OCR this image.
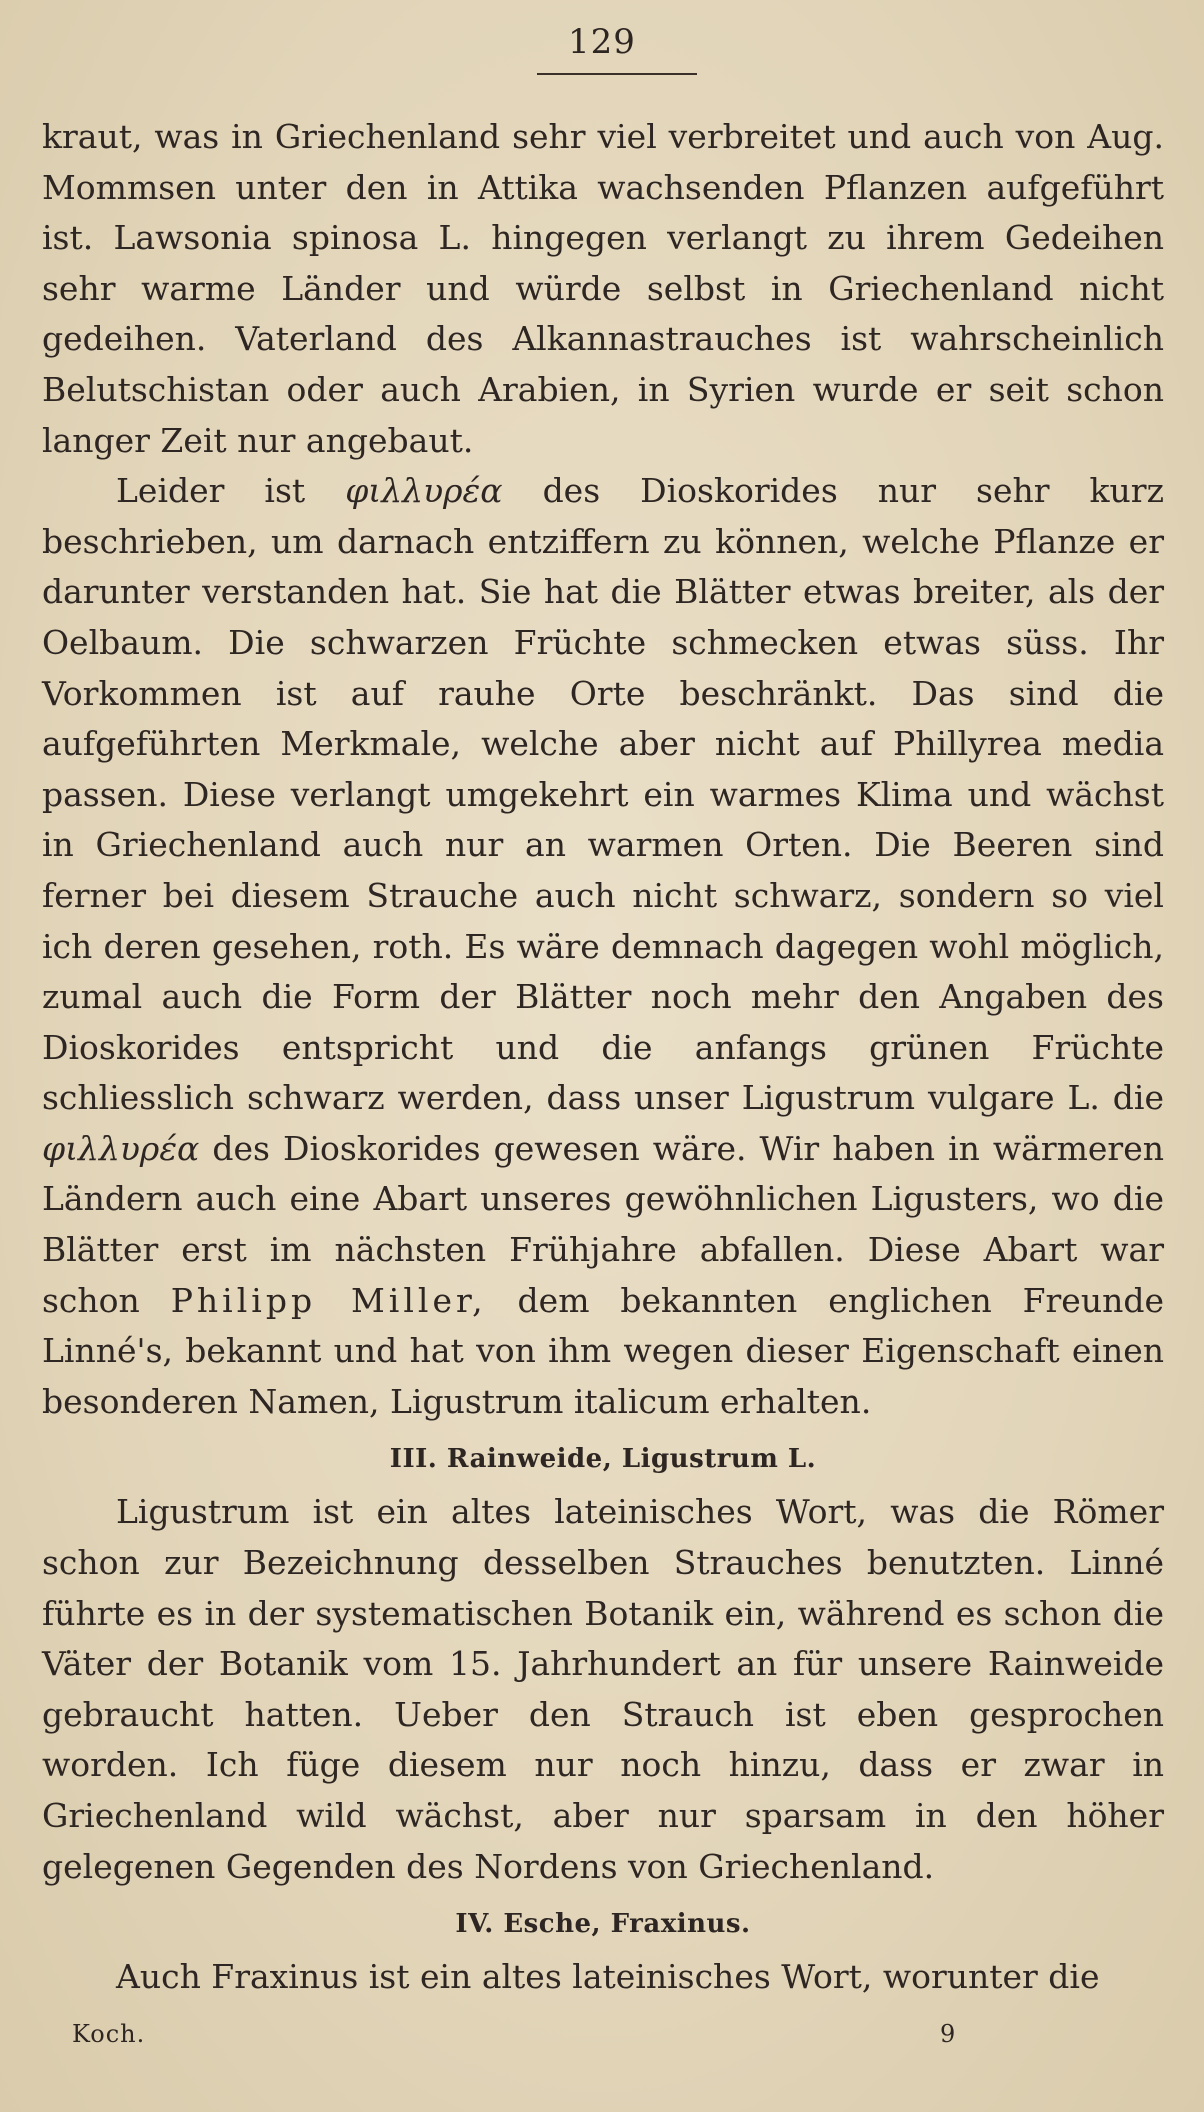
129

kraut, was in Griechenland sehr viel verbreitet und auch von Aug. Mommsen unter den in Attika wachsenden Pflanzen aufgeführt ist. Lawsonia spinosa L. hingegen verlangt zu ihrem Gedeihen sehr warme Länder und würde selbst in Griechenland nicht gedeihen. Vaterland des Alkannastrauches ist wahrscheinlich Belutschistan oder auch Arabien, in Syrien wurde er seit schon langer Zeit nur angebaut.

Leider ist φιλλυρέα des Dioskorides nur sehr kurz beschrieben, um darnach entziffern zu können, welche Pflanze er darunter verstanden hat. Sie hat die Blätter etwas breiter, als der Oelbaum. Die schwarzen Früchte schmecken etwas süss. Ihr Vorkommen ist auf rauhe Orte beschränkt. Das sind die aufgeführten Merkmale, welche aber nicht auf Phillyrea media passen. Diese verlangt umgekehrt ein warmes Klima und wächst in Griechenland auch nur an warmen Orten. Die Beeren sind ferner bei diesem Strauche auch nicht schwarz, sondern so viel ich deren gesehen, roth. Es wäre demnach dagegen wohl möglich, zumal auch die Form der Blätter noch mehr den Angaben des Dioskorides entspricht und die anfangs grünen Früchte schliesslich schwarz werden, dass unser Ligustrum vulgare L. die φιλλυρέα des Dioskorides gewesen wäre. Wir haben in wärmeren Ländern auch eine Abart unseres gewöhnlichen Ligusters, wo die Blätter erst im nächsten Frühjahre abfallen. Diese Abart war schon Philipp Miller, dem bekannten englichen Freunde Linné's, bekannt und hat von ihm wegen dieser Eigenschaft einen besonderen Namen, Ligustrum italicum erhalten.

III. Rainweide, Ligustrum L.

Ligustrum ist ein altes lateinisches Wort, was die Römer schon zur Bezeichnung desselben Strauches benutzten. Linné führte es in der systematischen Botanik ein, während es schon die Väter der Botanik vom 15. Jahrhundert an für unsere Rainweide gebraucht hatten. Ueber den Strauch ist eben gesprochen worden. Ich füge diesem nur noch hinzu, dass er zwar in Griechenland wild wächst, aber nur sparsam in den höher gelegenen Gegenden des Nordens von Griechenland.

IV. Esche, Fraxinus.

Auch Fraxinus ist ein altes lateinisches Wort, worunter die

Koch.	9
